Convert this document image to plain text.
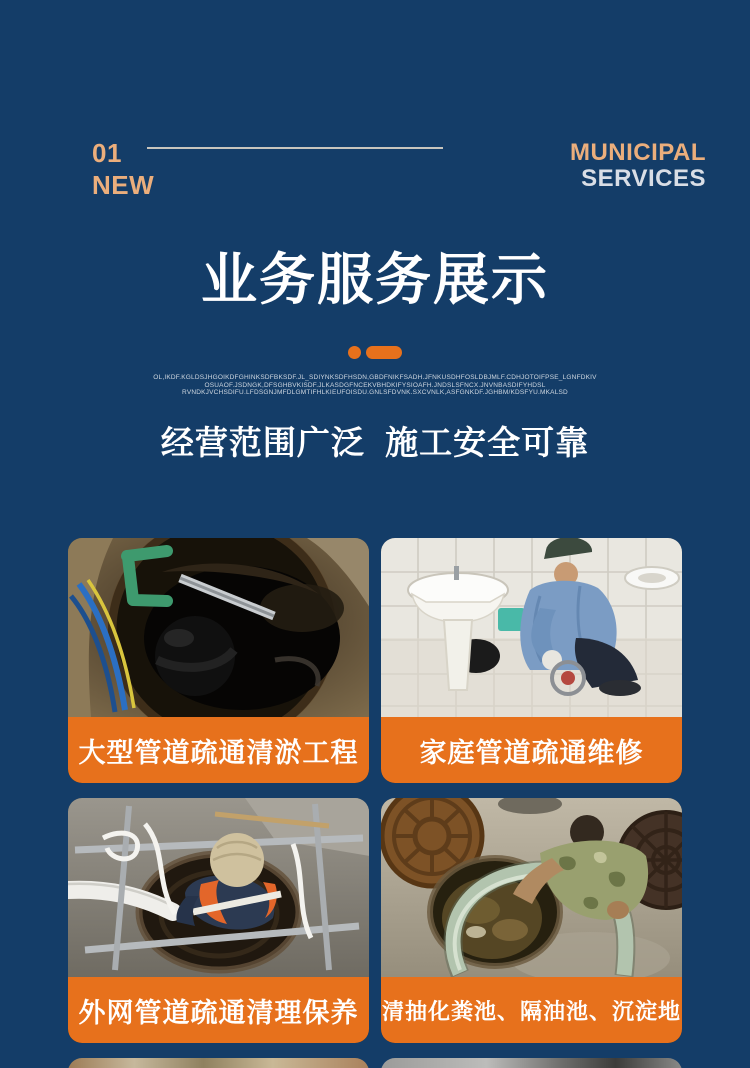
01
NEW
MUNICIPAL
SERVICES
业务服务展示
OL,IKDF.KGLDSJHGOIKDFGHINKSDFBKSDF.JL_SDIYNKSDFHSDN,GBDFNIKFSADH.JFNKUSDHFOSLDBJMLF.CDHJOTOIFPSE_LGNFDKIV
OSUAOF.JSDNGK,DFSGHBVKISDF.JLKASDGFNCEKVBHDKIFYSIOAFH.JNDSLSFNCX.JNVNBASDIFYHDSL
RVNDKJVCHSDIFU.LFDSGNJMFDLGMTIFHLKIEUFOISDU.GNLSFDVNK.SXCVNLK,ASFGNKDF.JGHBM/KDSFYU.MKALSD
经营范围广泛  施工安全可靠
大型管道疏通清淤工程 家庭管道疏通维修
外网管道疏通清理保养 清抽化粪池、隔油池、沉淀地
